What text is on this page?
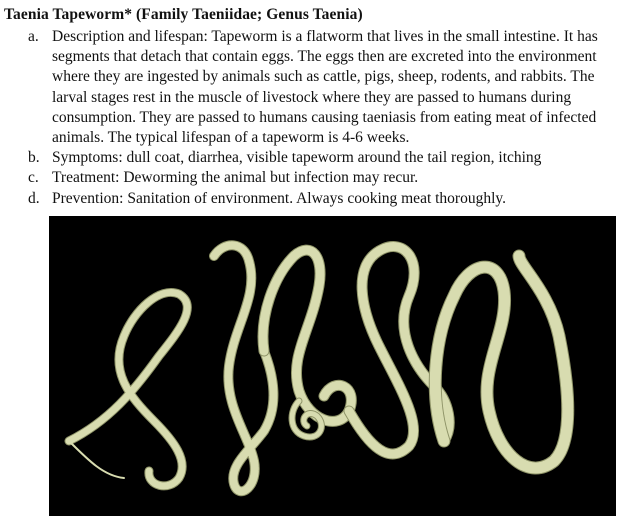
Taenia Tapeworm* (Family Taeniidae; Genus Taenia)
a. Description and lifespan: Tapeworm is a flatworm that lives in the small intestine. It has
segments that detach that contain eggs. The eggs then are excreted into the environment
where they are ingested by animals such as cattle, pigs, sheep, rodents, and rabbits. The
larval stages rest in the muscle of livestock where they are passed to humans during
consumption. They are passed to humans causing taeniasis from eating meat of infected
animals. The typical lifespan of a tapeworm is 4-6 weeks.
b. Symptoms: dull coat, diarrhea, visible tapeworm around the tail region, itching
c. Treatment: Deworming the animal but infection may recur.
d. Prevention: Sanitation of environment. Always cooking meat thoroughly.
